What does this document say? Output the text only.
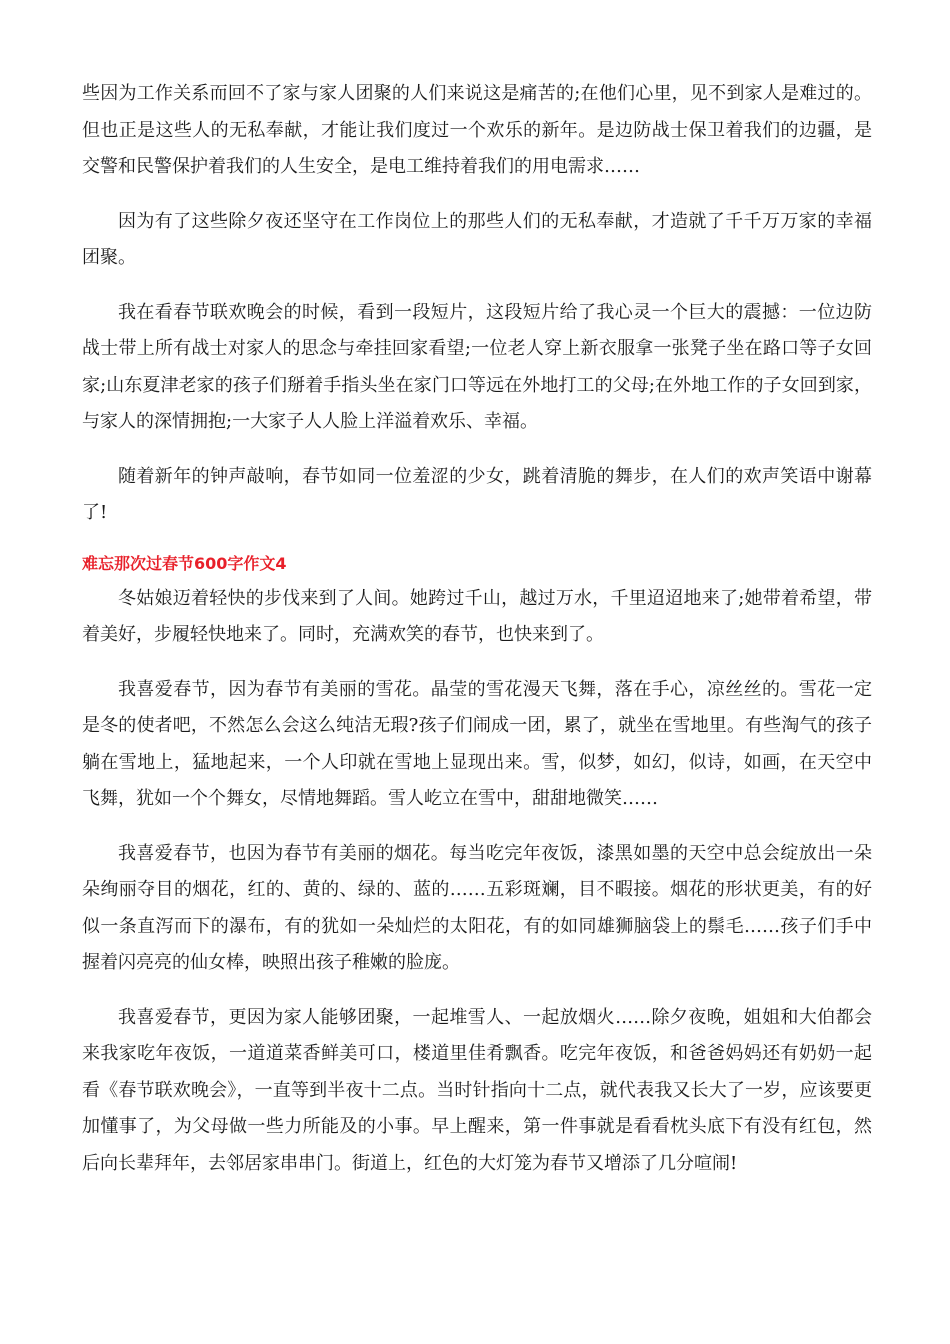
些因为工作关系而回不了家与家人团聚的人们来说这是痛苦的;在他们心里，见不到家人是难过的。但也正是这些人的无私奉献，才能让我们度过一个欢乐的新年。是边防战士保卫着我们的边疆，是交警和民警保护着我们的人生安全，是电工维持着我们的用电需求……

因为有了这些除夕夜还坚守在工作岗位上的那些人们的无私奉献，才造就了千千万万家的幸福团聚。

我在看春节联欢晚会的时候，看到一段短片，这段短片给了我心灵一个巨大的震撼：一位边防战士带上所有战士对家人的思念与牵挂回家看望;一位老人穿上新衣服拿一张凳子坐在路口等子女回家;山东夏津老家的孩子们掰着手指头坐在家门口等远在外地打工的父母;在外地工作的子女回到家，与家人的深情拥抱;一大家子人人脸上洋溢着欢乐、幸福。

随着新年的钟声敲响，春节如同一位羞涩的少女，跳着清脆的舞步，在人们的欢声笑语中谢幕了!

难忘那次过春节600字作文4

冬姑娘迈着轻快的步伐来到了人间。她跨过千山，越过万水，千里迢迢地来了;她带着希望，带着美好，步履轻快地来了。同时，充满欢笑的春节，也快来到了。

我喜爱春节，因为春节有美丽的雪花。晶莹的雪花漫天飞舞，落在手心，凉丝丝的。雪花一定是冬的使者吧，不然怎么会这么纯洁无瑕?孩子们闹成一团，累了，就坐在雪地里。有些淘气的孩子躺在雪地上，猛地起来，一个人印就在雪地上显现出来。雪，似梦，如幻，似诗，如画，在天空中飞舞，犹如一个个舞女，尽情地舞蹈。雪人屹立在雪中，甜甜地微笑……

我喜爱春节，也因为春节有美丽的烟花。每当吃完年夜饭，漆黑如墨的天空中总会绽放出一朵朵绚丽夺目的烟花，红的、黄的、绿的、蓝的……五彩斑斓，目不暇接。烟花的形状更美，有的好似一条直泻而下的瀑布，有的犹如一朵灿烂的太阳花，有的如同雄狮脑袋上的鬃毛……孩子们手中握着闪亮亮的仙女棒，映照出孩子稚嫩的脸庞。

我喜爱春节，更因为家人能够团聚，一起堆雪人、一起放烟火……除夕夜晚，姐姐和大伯都会来我家吃年夜饭，一道道菜香鲜美可口，楼道里佳肴飘香。吃完年夜饭，和爸爸妈妈还有奶奶一起看《春节联欢晚会》，一直等到半夜十二点。当时针指向十二点，就代表我又长大了一岁，应该要更加懂事了，为父母做一些力所能及的小事。早上醒来，第一件事就是看看枕头底下有没有红包，然后向长辈拜年，去邻居家串串门。街道上，红色的大灯笼为春节又增添了几分喧闹!
